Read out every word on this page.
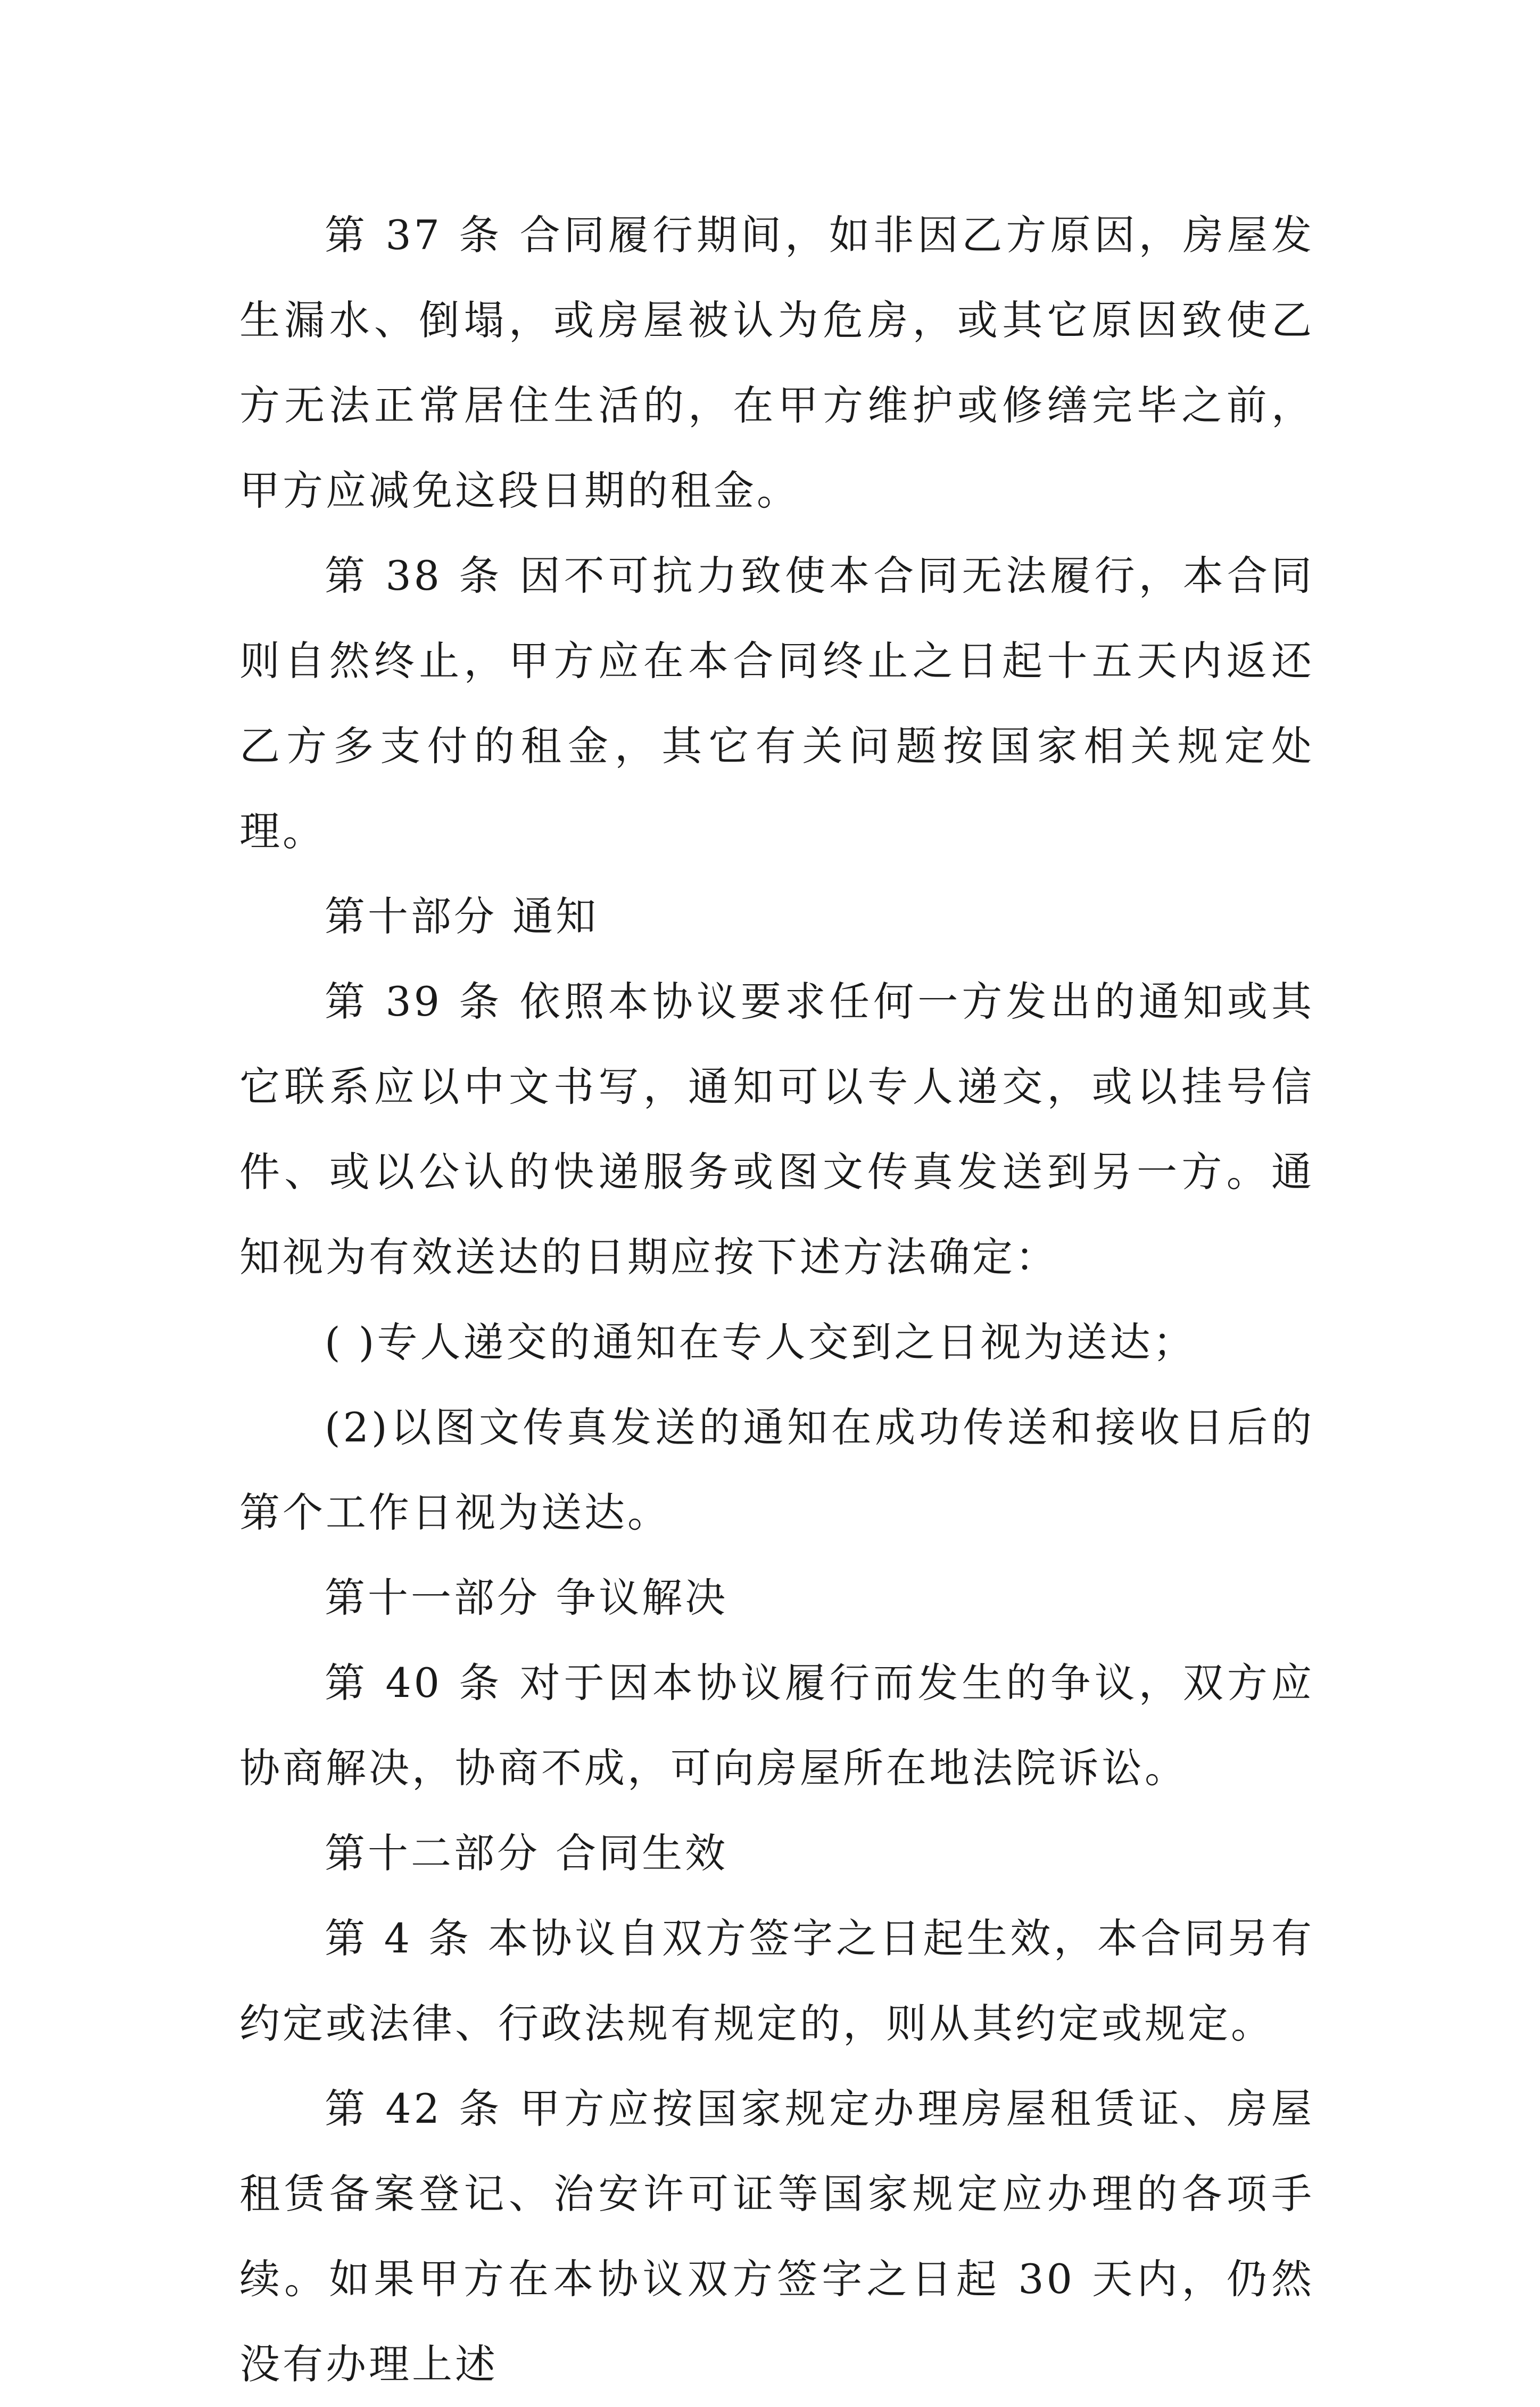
第 37 条 合同履行期间，如非因乙方原因，房屋发生漏水、倒塌，或房屋被认为危房，或其它原因致使乙方无法正常居住生活的，在甲方维护或修缮完毕之前，甲方应减免这段日期的租金。

第 38 条 因不可抗力致使本合同无法履行，本合同则自然终止，甲方应在本合同终止之日起十五天内返还乙方多支付的租金，其它有关问题按国家相关规定处理。

第十部分 通知

第 39 条 依照本协议要求任何一方发出的通知或其它联系应以中文书写，通知可以专人递交，或以挂号信件、或以公认的快递服务或图文传真发送到另一方。通知视为有效送达的日期应按下述方法确定：

( )专人递交的通知在专人交到之日视为送达；

(2)以图文传真发送的通知在成功传送和接收日后的第个工作日视为送达。

第十一部分 争议解决

第 40 条 对于因本协议履行而发生的争议，双方应协商解决，协商不成，可向房屋所在地法院诉讼。

第十二部分 合同生效

第 4 条 本协议自双方签字之日起生效，本合同另有约定或法律、行政法规有规定的，则从其约定或规定。

第 42 条 甲方应按国家规定办理房屋租赁证、房屋租赁备案登记、治安许可证等国家规定应办理的各项手续。如果甲方在本协议双方签字之日起 30 天内，仍然没有办理上述
